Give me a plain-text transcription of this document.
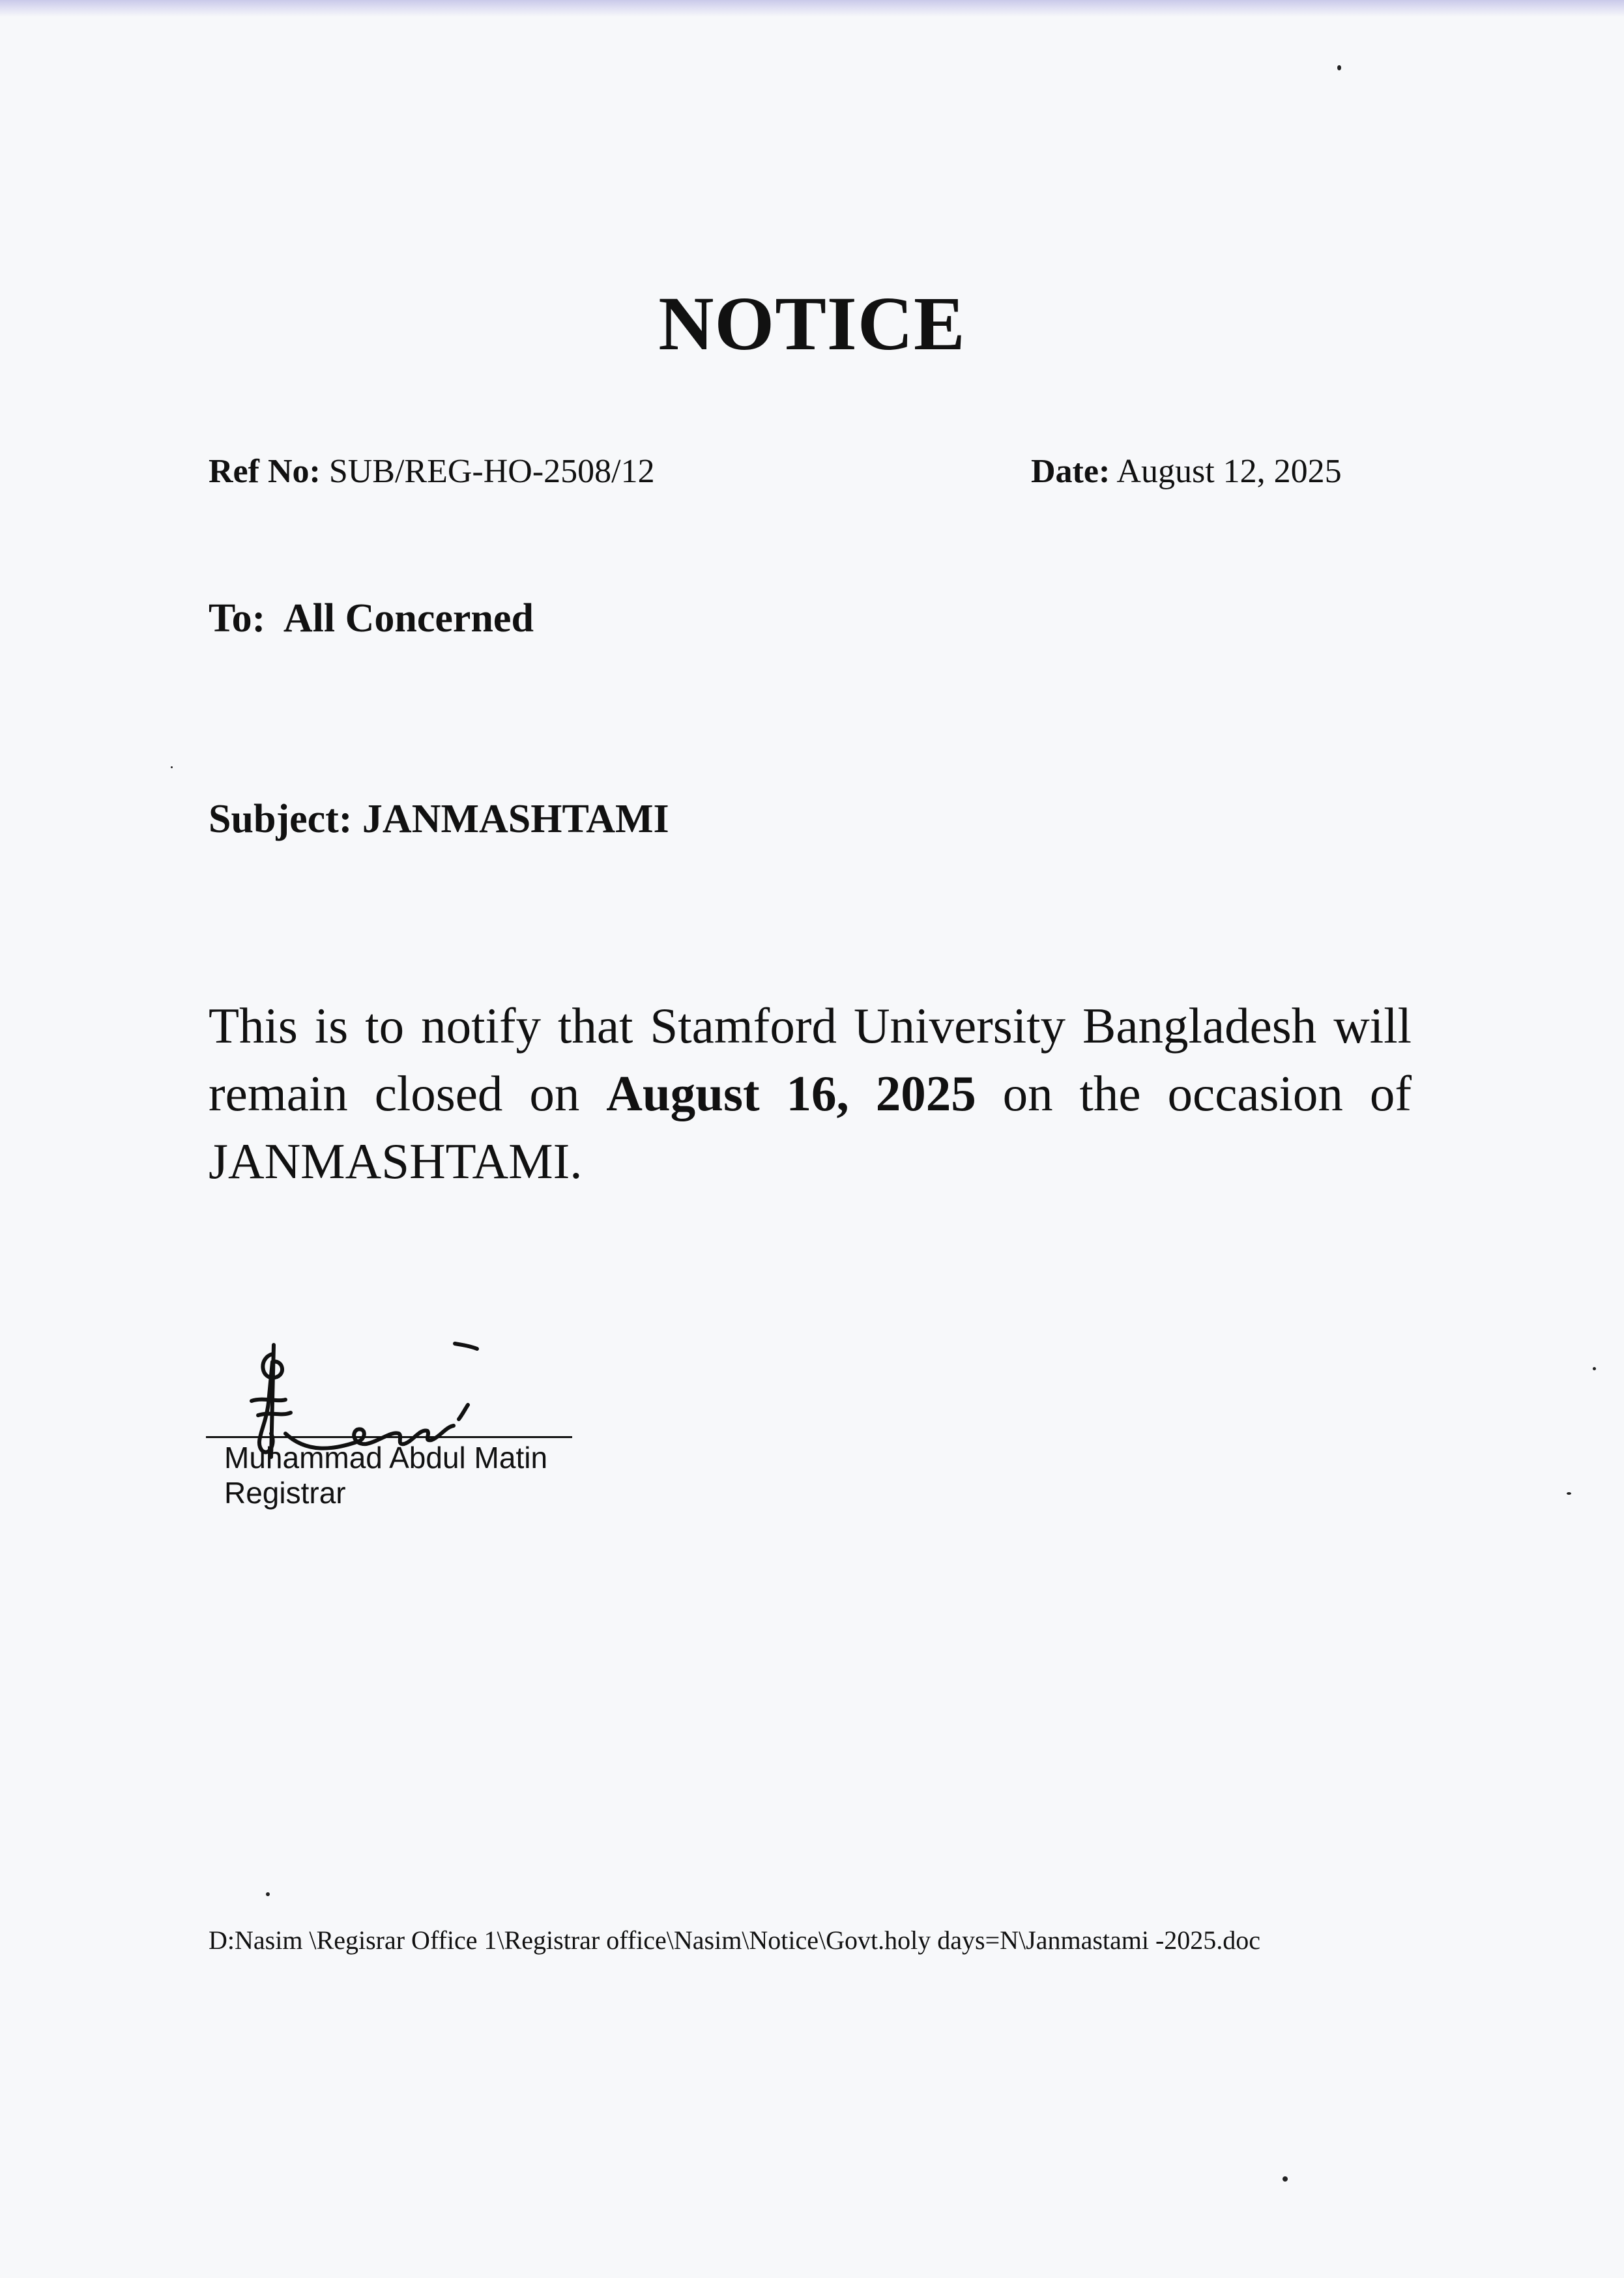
NOTICE
Ref No: SUB/REG-HO-2508/12	Date: August 12, 2025
To: All Concerned
Subject: JANMASHTAMI

This is to notify that Stamford University Bangladesh will remain closed on August 16, 2025 on the occasion of JANMASHTAMI.

Muhammad Abdul Matin
Registrar
D:Nasim \Regisrar Office 1\Registrar office\Nasim\Notice\Govt.holy days=N\Janmastami -2025.doc
